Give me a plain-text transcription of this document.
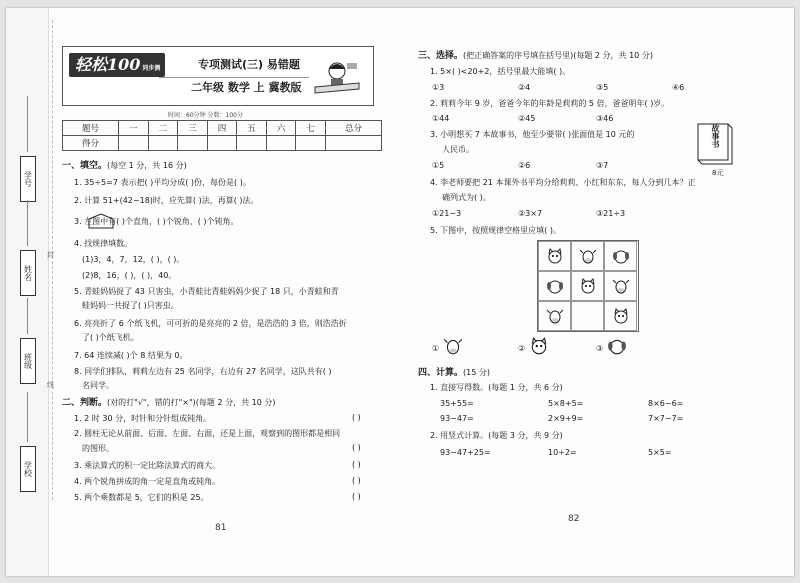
学号
姓名
班级
学校
封
线
轻松100 同步测试卷
专项测试(三) 易错题
二年级 数学 上 冀教版
时间：60分钟 分数：100分
题号	一	二	三	四	五	六	七	总分
得分								
一、填空。(每空 1 分，共 16 分)
1. 35÷5=7 表示把( )平均分成( )份，每份是( )。
2. 计算 51+(42−18)时，应先算( )法，再算( )法。
3. 左图中有( )个直角，( )个锐角，( )个钝角。
4. 找规律填数。
(1)3，4，7，12，( )，( )。
(2)8，16，( )，( )，40。
5. 青蛙妈妈捉了 43 只害虫，小青蛙比青蛙妈妈少捉了 18 只，小青蛙和青
蛙妈妈一共捉了( )只害虫。
6. 亮亮折了 6 个纸飞机，可可折的是亮亮的 2 倍，是浩浩的 3 倍，则浩浩折
了( )个纸飞机。
7. 64 连续减( )个 8 结果为 0。
8. 同学们排队，莉莉左边有 25 名同学，右边有 27 名同学，这队共有( )
名同学。
二、判断。(对的打"√"，错的打"×")(每题 2 分，共 10 分)
1. 2 时 30 分，时针和分针组成钝角。	( )
2. 圆柱无论从前面、后面、左面、右面，还是上面，观察到的图形都是相同
的图形。	( )
3. 乘法算式的积一定比除法算式的商大。	( )
4. 两个锐角拼成的角一定是直角或钝角。	( )
5. 两个乘数都是 5，它们的积是 25。	( )
81
三、选择。(把正确答案的序号填在括号里)(每题 2 分，共 10 分)
1. 5×( )<20+2，括号里最大能填( )。
①3	②4	③5	④6
2. 莉莉今年 9 岁，爸爸今年的年龄是莉莉的 5 倍，爸爸明年( )岁。
①44	②45	③46
3. 小明想买 7 本故事书，他至少要带( )张面值是 10 元的
人民币。
①5	②6	③7
故事书
8元
4. 李老师要把 21 本课外书平均分给莉莉、小红和东东，每人分到几本？正
确列式为( )。
①21−3	②3×7	③21÷3
5. 下图中，按照规律空格里应填( )。
①	②	③
四、计算。(15 分)
1. 直接写得数。(每题 1 分，共 6 分)
35+55=	5×8+5=	8×6−6=
93−47=	2×9+9=	7×7−7=
2. 用竖式计算。(每题 3 分，共 9 分)
93−47+25=	10÷2=	5×5=
82
